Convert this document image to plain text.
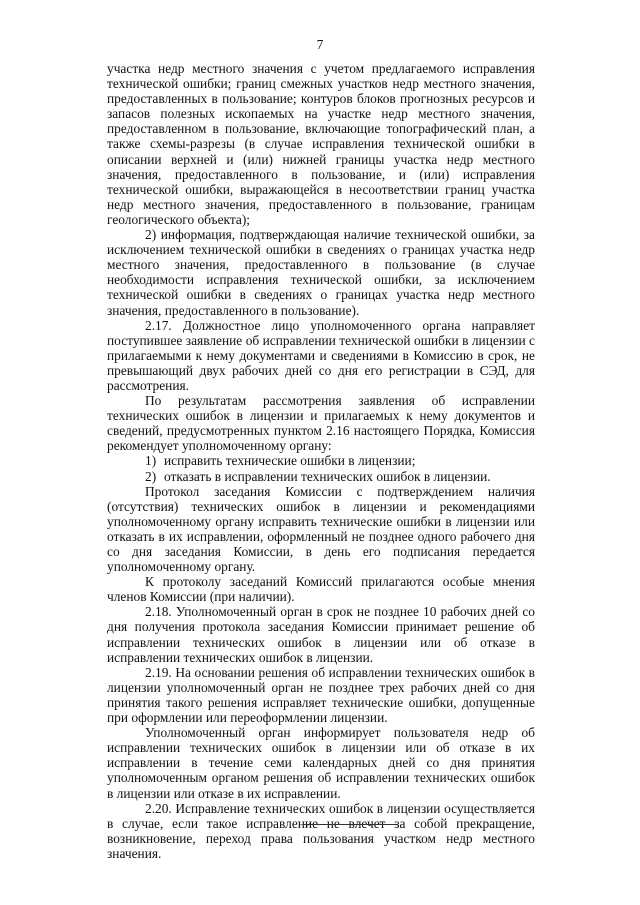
7

участка недр местного значения с учетом предлагаемого исправления технической ошибки; границ смежных участков недр местного значения, предоставленных в пользование; контуров блоков прогнозных ресурсов и запасов полезных ископаемых на участке недр местного значения, предоставленном в пользование, включающие топографический план, а также схемы-разрезы (в случае исправления технической ошибки в описании верхней и (или) нижней границы участка недр местного значения, предоставленного в пользование, и (или) исправления технической ошибки, выражающейся в несоответствии границ участка недр местного значения, предоставленного в пользование, границам геологического объекта);

2) информация, подтверждающая наличие технической ошибки, за исключением технической ошибки в сведениях о границах участка недр местного значения, предоставленного в пользование (в случае необходимости исправления технической ошибки, за исключением технической ошибки в сведениях о границах участка недр местного значения, предоставленного в пользование).

2.17. Должностное лицо уполномоченного органа направляет поступившее заявление об исправлении технической ошибки в лицензии с прилагаемыми к нему документами и сведениями в Комиссию в срок, не превышающий двух рабочих дней со дня его регистрации в СЭД, для рассмотрения.

По результатам рассмотрения заявления об исправлении технических ошибок в лицензии и прилагаемых к нему документов и сведений, предусмотренных пунктом 2.16 настоящего Порядка, Комиссия рекомендует уполномоченному органу:

1) исправить технические ошибки в лицензии;

2) отказать в исправлении технических ошибок в лицензии.

Протокол заседания Комиссии с подтверждением наличия (отсутствия) технических ошибок в лицензии и рекомендациями уполномоченному органу исправить технические ошибки в лицензии или отказать в их исправлении, оформленный не позднее одного рабочего дня со дня заседания Комиссии, в день его подписания передается уполномоченному органу.

К протоколу заседаний Комиссий прилагаются особые мнения членов Комиссии (при наличии).

2.18. Уполномоченный орган в срок не позднее 10 рабочих дней со дня получения протокола заседания Комиссии принимает решение об исправлении технических ошибок в лицензии или об отказе в исправлении технических ошибок в лицензии.

2.19. На основании решения об исправлении технических ошибок в лицензии уполномоченный орган не позднее трех рабочих дней со дня принятия такого решения исправляет технические ошибки, допущенные при оформлении или переоформлении лицензии.

Уполномоченный орган информирует пользователя недр об исправлении технических ошибок в лицензии или об отказе в их исправлении в течение семи календарных дней со дня принятия уполномоченным органом решения об исправлении технических ошибок в лицензии или отказе в их исправлении.

2.20. Исправление технических ошибок в лицензии осуществляется в случае, если такое исправление не влечет за собой прекращение, возникновение, переход права пользования участком недр местного значения.
